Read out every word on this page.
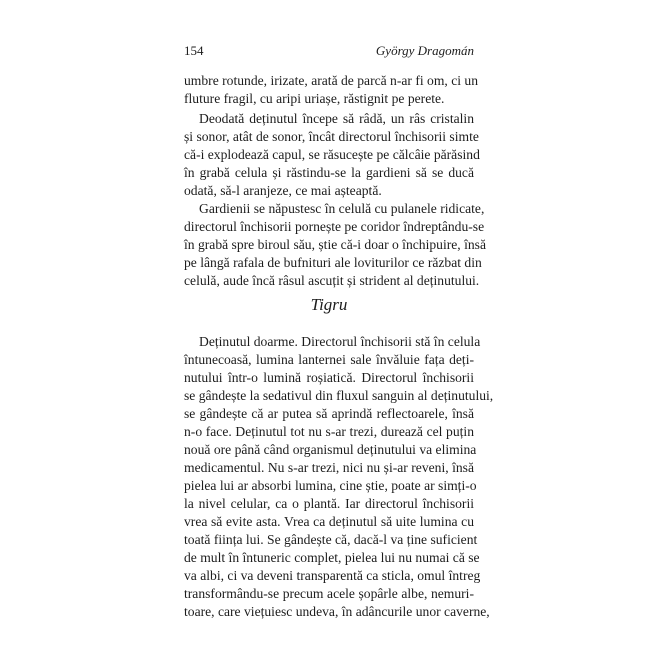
154	György Dragomán
umbre rotunde, irizate, arată de parcă n-ar fi om, ci un
fluture fragil, cu aripi uriașe, răstignit pe perete.
Deodată deținutul începe să râdă, un râs cristalin
și sonor, atât de sonor, încât directorul închisorii simte
că-i explodează capul, se răsucește pe călcâie părăsind
în grabă celula și răstindu-se la gardieni să se ducă
odată, să-l aranjeze, ce mai așteaptă.
Gardienii se năpustesc în celulă cu pulanele ridicate,
directorul închisorii pornește pe coridor îndreptându-se
în grabă spre biroul său, știe că-i doar o închipuire, însă
pe lângă rafala de bufnituri ale loviturilor ce răzbat din
celulă, aude încă râsul ascuțit și strident al deținutului.
Tigru
Deținutul doarme. Directorul închisorii stă în celula
întunecoasă, lumina lanternei sale învăluie fața deți-
nutului într-o lumină roșiatică. Directorul închisorii
se gândește la sedativul din fluxul sanguin al deținutului,
se gândește că ar putea să aprindă reflectoarele, însă
n-o face. Deținutul tot nu s-ar trezi, durează cel puțin
nouă ore până când organismul deținutului va elimina
medicamentul. Nu s-ar trezi, nici nu și-ar reveni, însă
pielea lui ar absorbi lumina, cine știe, poate ar simți-o
la nivel celular, ca o plantă. Iar directorul închisorii
vrea să evite asta. Vrea ca deținutul să uite lumina cu
toată ființa lui. Se gândește că, dacă-l va ține suficient
de mult în întuneric complet, pielea lui nu numai că se
va albi, ci va deveni transparentă ca sticla, omul întreg
transformându-se precum acele șopârle albe, nemuri-
toare, care viețuiesc undeva, în adâncurile unor caverne,
